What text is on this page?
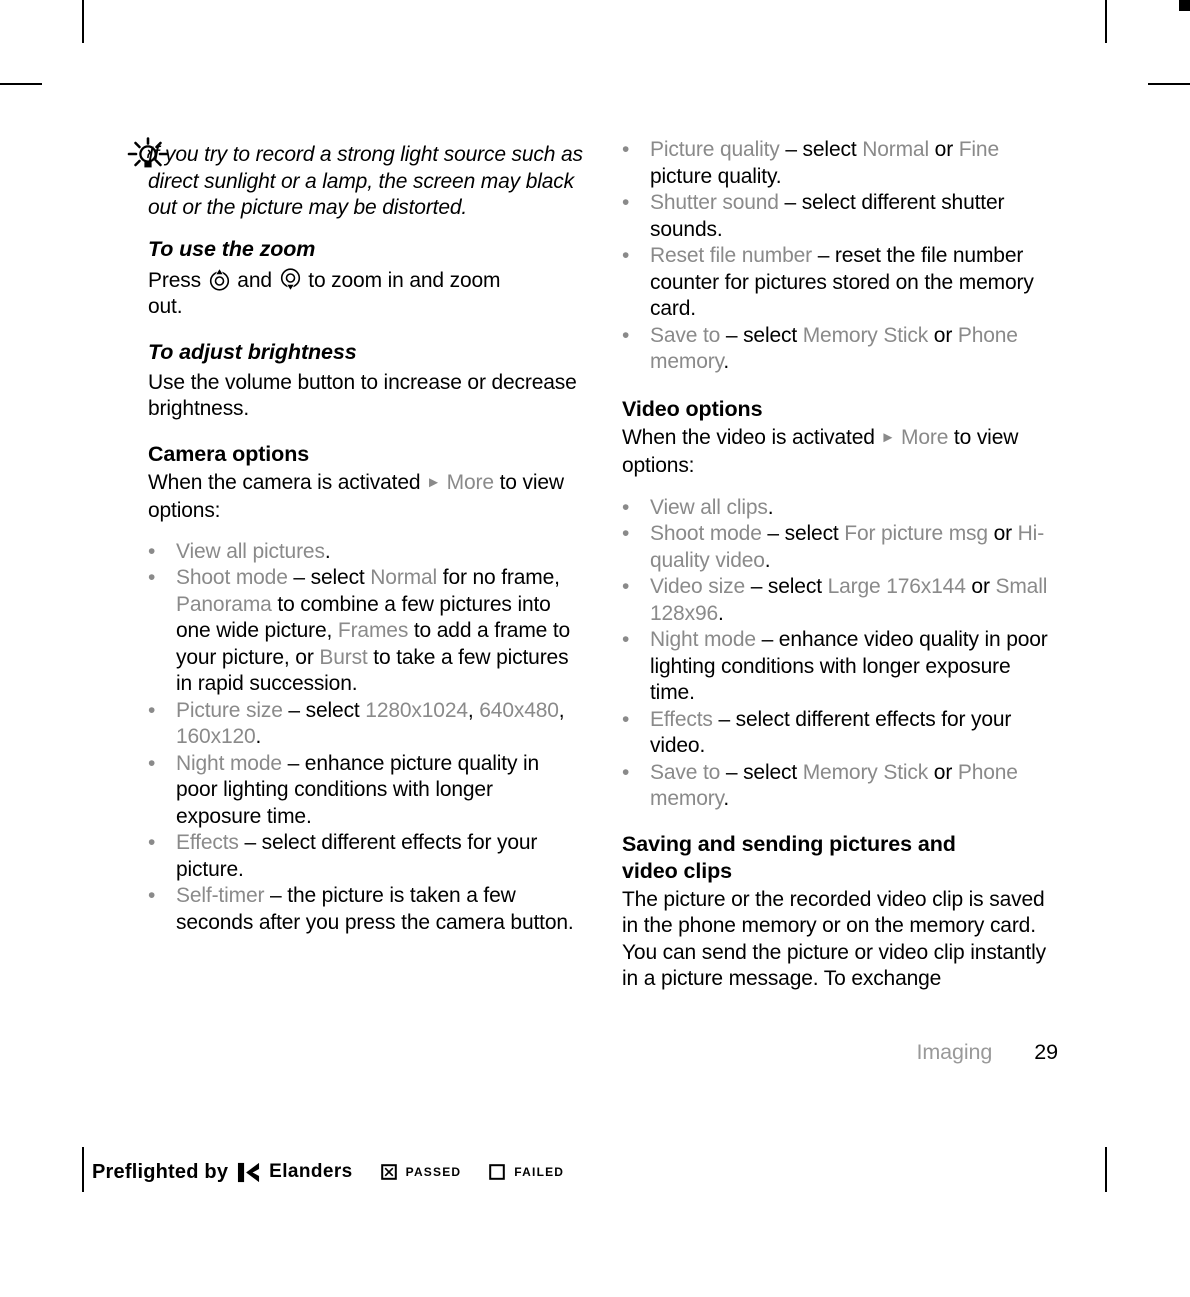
If you try to record a strong light source such as direct sunlight or a lamp, the screen may black out or the picture may be distorted.

To use the zoom

Press  and  to zoom in and zoom out.

To adjust brightness

Use the volume button to increase or decrease brightness.

Camera options

When the camera is activated ► More to view options:

• View all pictures.
• Shoot mode – select Normal for no frame, Panorama to combine a few pictures into one wide picture, Frames to add a frame to your picture, or Burst to take a few pictures in rapid succession.
• Picture size – select 1280x1024, 640x480, 160x120.
• Night mode – enhance picture quality in poor lighting conditions with longer exposure time.
• Effects – select different effects for your picture.
• Self-timer – the picture is taken a few seconds after you press the camera button.
• Picture quality – select Normal or Fine picture quality.
• Shutter sound – select different shutter sounds.
• Reset file number – reset the file number counter for pictures stored on the memory card.
• Save to – select Memory Stick or Phone memory.

Video options

When the video is activated ► More to view options:

• View all clips.
• Shoot mode – select For picture msg or Hi-quality video.
• Video size – select Large 176x144 or Small 128x96.
• Night mode – enhance video quality in poor lighting conditions with longer exposure time.
• Effects – select different effects for your video.
• Save to – select Memory Stick or Phone memory.

Saving and sending pictures and video clips

The picture or the recorded video clip is saved in the phone memory or on the memory card. You can send the picture or video clip instantly in a picture message. To exchange

Imaging 29
Preflighted by Elanders	PASSED	FAILED
